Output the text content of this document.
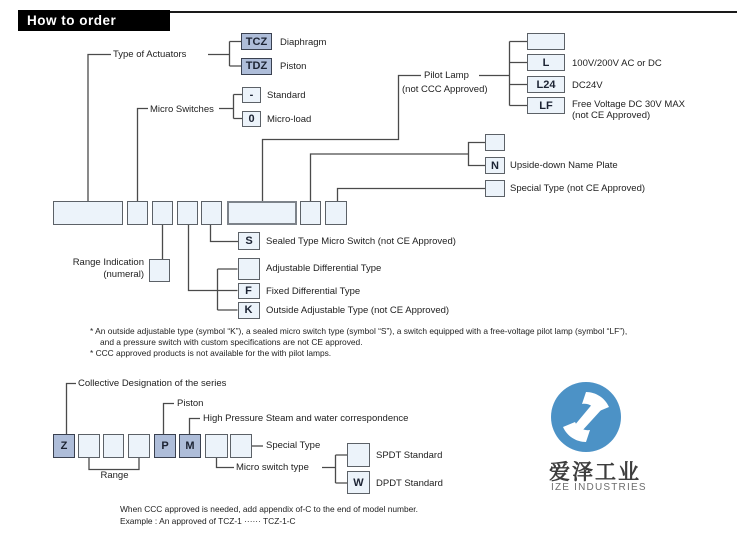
How to order
Type of Actuators
TCZ	Diaphragm
TDZ	Piston
Micro Switches
-	Standard
0	Micro-load
Pilot Lamp
(not CCC Approved)
L	100V/200V AC or DC
L24	DC24V
LF	Free Voltage DC 30V MAX
(not CE Approved)
N	Upside-down Name Plate
Special Type (not CE Approved)
Range Indication
(numeral)
S	Sealed Type Micro Switch (not CE Approved)
Adjustable Differential Type
F	Fixed Differential Type
K	Outside Adjustable Type (not CE Approved)
* An outside adjustable type (symbol “K”), a sealed micro switch type (symbol “S”), a switch equipped with a free-voltage pilot lamp (symbol “LF”),
and a pressure switch with custom specifications are not CE approved.
* CCC approved products is not available for the with pilot lamps.
Collective Designation of the series
Piston
High Pressure Steam and water correspondence
Z	P	M	Special Type
Range
Micro switch type
SPDT Standard
W	DPDT Standard
When CCC approved is needed, add appendix of-C to the end of model number.
Example : An approved of TCZ-1 ······ TCZ-1-C
爱泽工业
IZE INDUSTRIES
